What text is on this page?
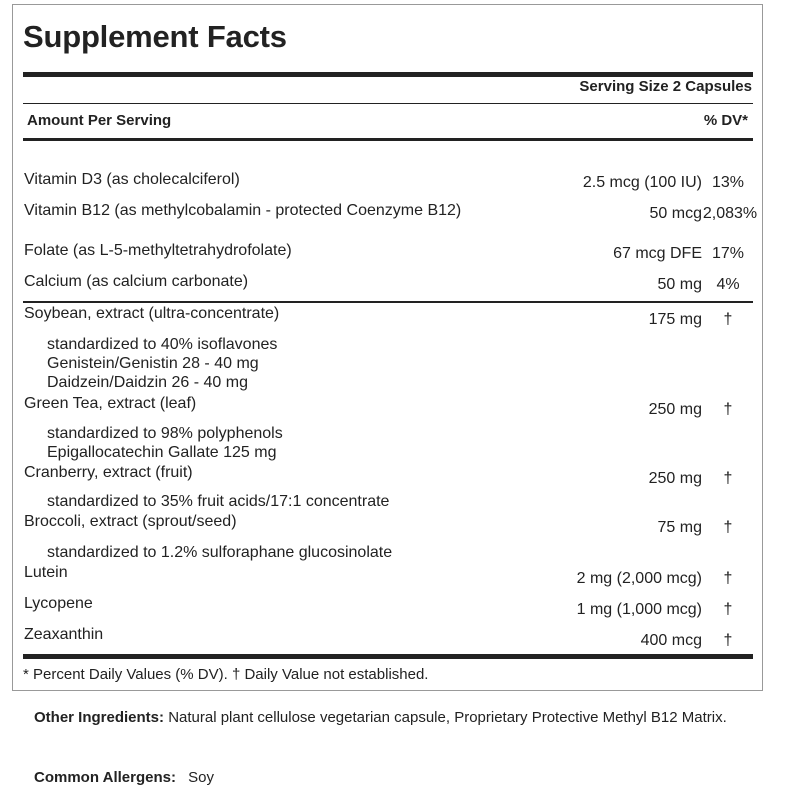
Supplement Facts
Serving Size 2 Capsules
Amount Per Serving	% DV*
Vitamin D3 (as cholecalciferol)	2.5 mcg (100 IU) 13%
Vitamin B12 (as methylcobalamin - protected Coenzyme B12)	50 mcg 2,083%
Folate (as L-5-methyltetrahydrofolate)	67 mcg DFE 17%
Calcium (as calcium carbonate)	50 mg 4%
Soybean, extract (ultra-concentrate)	175 mg	†
standardized to 40% isoflavones
Genistein/Genistin 28 - 40 mg
Daidzein/Daidzin 26 - 40 mg
Green Tea, extract (leaf)	250 mg	†
standardized to 98% polyphenols
Epigallocatechin Gallate 125 mg
Cranberry, extract (fruit)	250 mg	†
standardized to 35% fruit acids/17:1 concentrate
Broccoli, extract (sprout/seed)	75 mg	†
standardized to 1.2% sulforaphane glucosinolate
Lutein	2 mg (2,000 mcg)	†
Lycopene	1 mg (1,000 mcg)	†
Zeaxanthin	400 mcg	†
* Percent Daily Values (% DV). † Daily Value not established.
Other Ingredients: Natural plant cellulose vegetarian capsule, Proprietary Protective Methyl B12 Matrix.
Common Allergens: Soy
